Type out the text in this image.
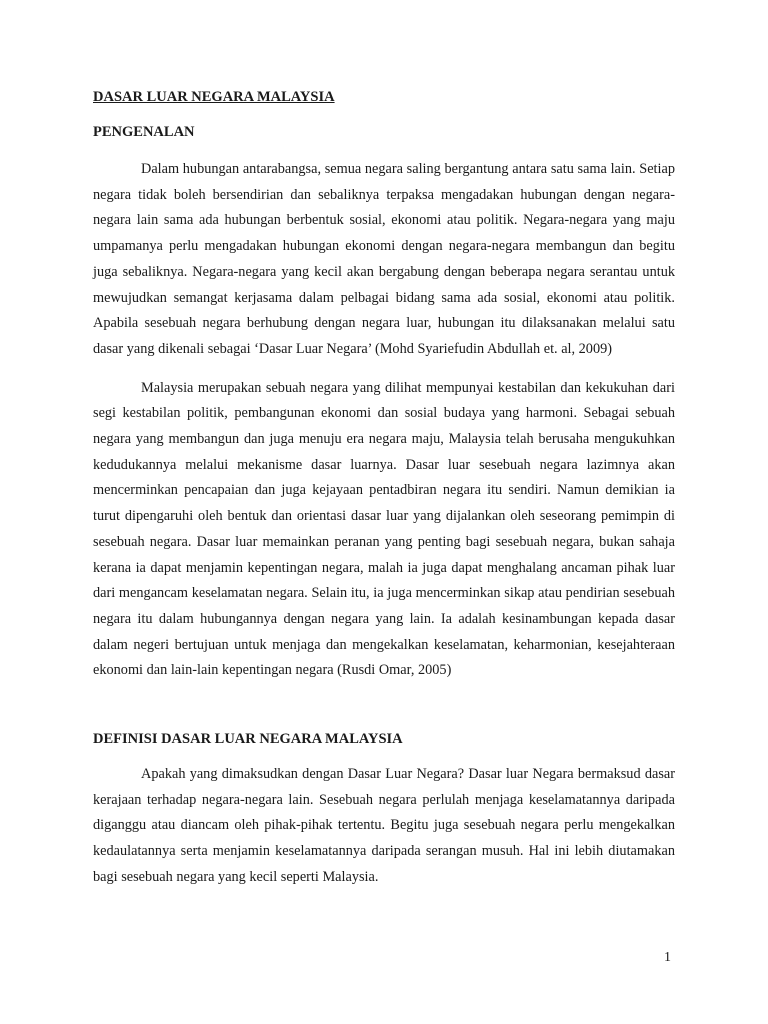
DASAR LUAR NEGARA MALAYSIA
PENGENALAN

Dalam hubungan antarabangsa, semua negara saling bergantung antara satu sama lain. Setiap negara tidak boleh bersendirian dan sebaliknya terpaksa mengadakan hubungan dengan negara-negara lain sama ada hubungan berbentuk sosial, ekonomi atau politik. Negara-negara yang maju umpamanya perlu mengadakan hubungan ekonomi dengan negara-negara membangun dan begitu juga sebaliknya. Negara-negara yang kecil akan bergabung dengan beberapa negara serantau untuk mewujudkan semangat kerjasama dalam pelbagai bidang sama ada sosial, ekonomi atau politik. Apabila sesebuah negara berhubung dengan negara luar, hubungan itu dilaksanakan melalui satu dasar yang dikenali sebagai ‘Dasar Luar Negara’ (Mohd Syariefudin Abdullah et. al, 2009)

Malaysia merupakan sebuah negara yang dilihat mempunyai kestabilan dan kekukuhan dari segi kestabilan politik, pembangunan ekonomi dan sosial budaya yang harmoni. Sebagai sebuah negara yang membangun dan juga menuju era negara maju, Malaysia telah berusaha mengukuhkan kedudukannya melalui mekanisme dasar luarnya. Dasar luar sesebuah negara lazimnya akan mencerminkan pencapaian dan juga kejayaan pentadbiran negara itu sendiri. Namun demikian ia turut dipengaruhi oleh bentuk dan orientasi dasar luar yang dijalankan oleh seseorang pemimpin di sesebuah negara. Dasar luar memainkan peranan yang penting bagi sesebuah negara, bukan sahaja kerana ia dapat menjamin kepentingan negara, malah ia juga dapat menghalang ancaman pihak luar dari mengancam keselamatan negara. Selain itu, ia juga mencerminkan sikap atau pendirian sesebuah negara itu dalam hubungannya dengan negara yang lain. Ia adalah kesinambungan kepada dasar dalam negeri bertujuan untuk menjaga dan mengekalkan keselamatan, keharmonian, kesejahteraan ekonomi dan lain-lain kepentingan negara (Rusdi Omar, 2005)

DEFINISI DASAR LUAR NEGARA MALAYSIA

Apakah yang dimaksudkan dengan Dasar Luar Negara? Dasar luar Negara bermaksud dasar kerajaan terhadap negara-negara lain. Sesebuah negara perlulah menjaga keselamatannya daripada diganggu atau diancam oleh pihak-pihak tertentu. Begitu juga sesebuah negara perlu mengekalkan kedaulatannya serta menjamin keselamatannya daripada serangan musuh. Hal ini lebih diutamakan bagi sesebuah negara yang kecil seperti Malaysia.

1
